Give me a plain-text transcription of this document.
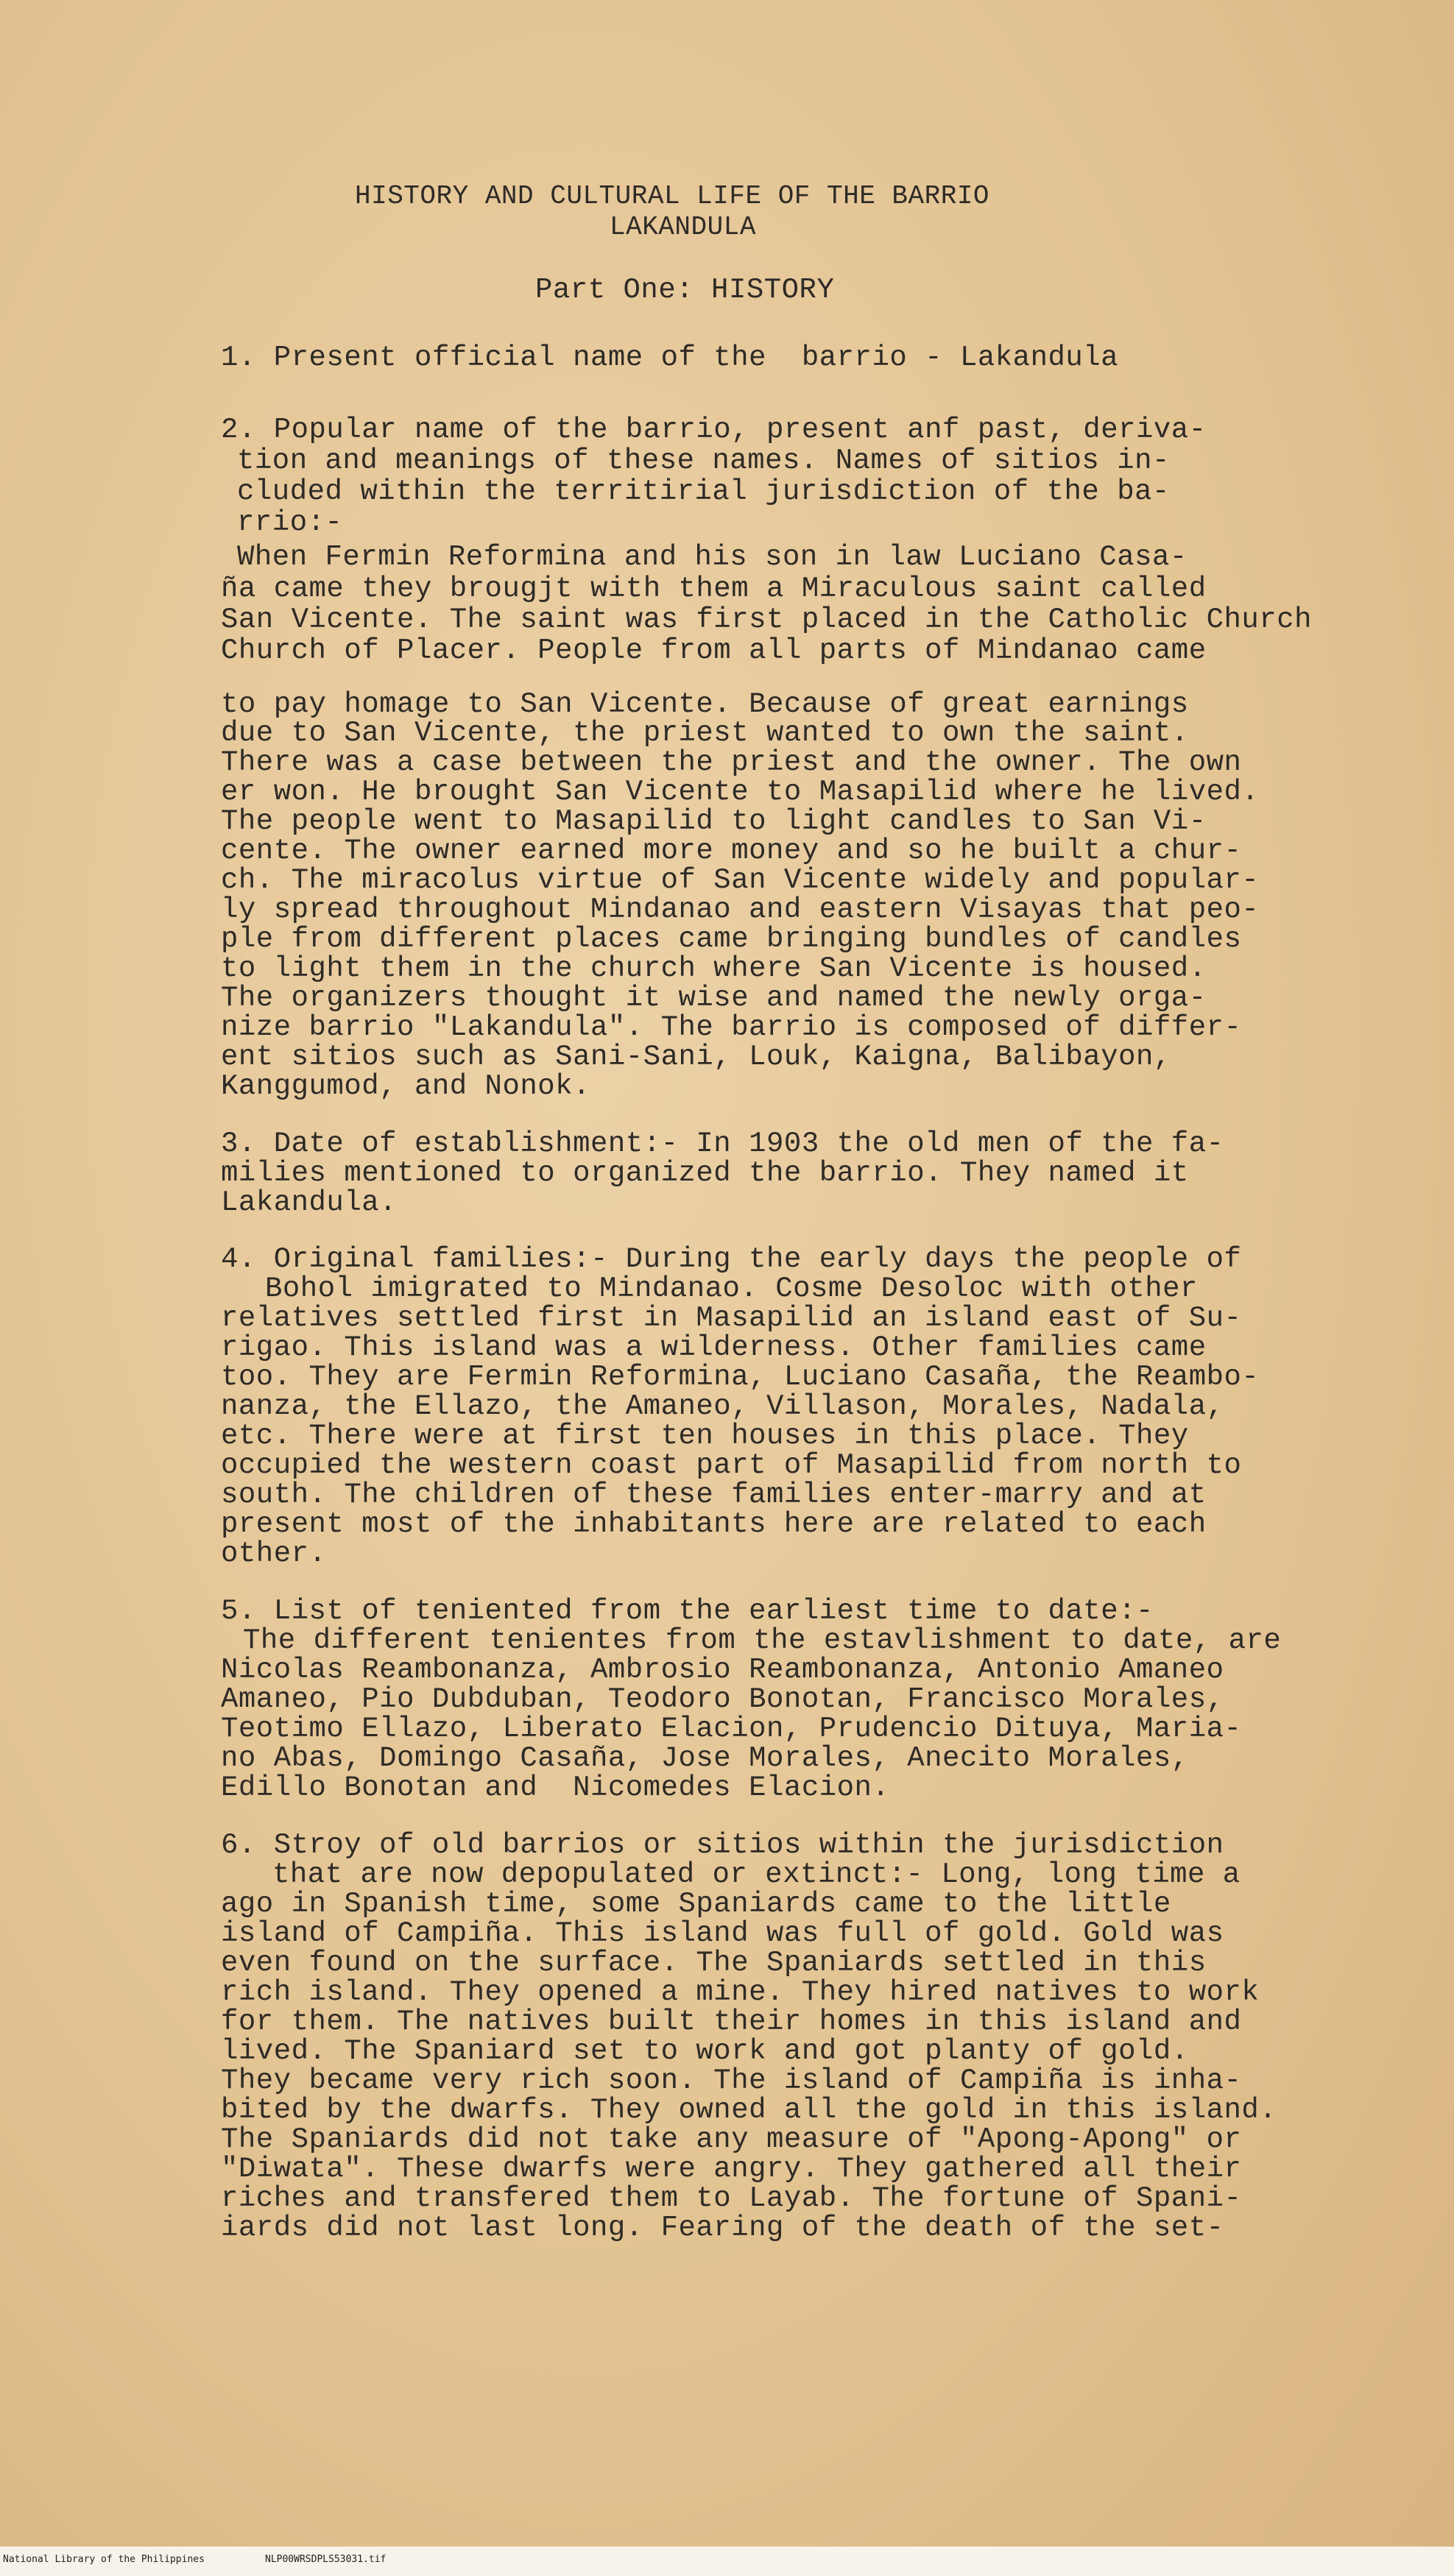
HISTORY AND CULTURAL LIFE OF THE BARRIO
LAKANDULA
Part One: HISTORY
1. Present official name of the  barrio - Lakandula
2. Popular name of the barrio, present anf past, deriva-
tion and meanings of these names. Names of sitios in-
cluded within the territirial jurisdiction of the ba-
rrio:-
When Fermin Reformina and his son in law Luciano Casa-
ña came they brougjt with them a Miraculous saint called
San Vicente. The saint was first placed in the Catholic Church
Church of Placer. People from all parts of Mindanao came
to pay homage to San Vicente. Because of great earnings
due to San Vicente, the priest wanted to own the saint.
There was a case between the priest and the owner. The own
er won. He brought San Vicente to Masapilid where he lived.
The people went to Masapilid to light candles to San Vi-
cente. The owner earned more money and so he built a chur-
ch. The miracolus virtue of San Vicente widely and popular-
ly spread throughout Mindanao and eastern Visayas that peo-
ple from different places came bringing bundles of candles
to light them in the church where San Vicente is housed.
The organizers thought it wise and named the newly orga-
nize barrio "Lakandula". The barrio is composed of differ-
ent sitios such as Sani-Sani, Louk, Kaigna, Balibayon,
Kanggumod, and Nonok.
3. Date of establishment:- In 1903 the old men of the fa-
milies mentioned to organized the barrio. They named it
Lakandula.
4. Original families:- During the early days the people of
Bohol imigrated to Mindanao. Cosme Desoloc with other
relatives settled first in Masapilid an island east of Su-
rigao. This island was a wilderness. Other families came
too. They are Fermin Reformina, Luciano Casaña, the Reambo-
nanza, the Ellazo, the Amaneo, Villason, Morales, Nadala,
etc. There were at first ten houses in this place. They
occupied the western coast part of Masapilid from north to
south. The children of these families enter-marry and at
present most of the inhabitants here are related to each
other.
5. List of teniented from the earliest time to date:-
The different tenientes from the estavlishment to date, are
Nicolas Reambonanza, Ambrosio Reambonanza, Antonio Amaneo
Amaneo, Pio Dubduban, Teodoro Bonotan, Francisco Morales,
Teotimo Ellazo, Liberato Elacion, Prudencio Dituya, Maria-
no Abas, Domingo Casaña, Jose Morales, Anecito Morales,
Edillo Bonotan and  Nicomedes Elacion.
6. Stroy of old barrios or sitios within the jurisdiction
that are now depopulated or extinct:- Long, long time a
ago in Spanish time, some Spaniards came to the little
island of Campiña. This island was full of gold. Gold was
even found on the surface. The Spaniards settled in this
rich island. They opened a mine. They hired natives to work
for them. The natives built their homes in this island and
lived. The Spaniard set to work and got planty of gold.
They became very rich soon. The island of Campiña is inha-
bited by the dwarfs. They owned all the gold in this island.
The Spaniards did not take any measure of "Apong-Apong" or
"Diwata". These dwarfs were angry. They gathered all their
riches and transfered them to Layab. The fortune of Spani-
iards did not last long. Fearing of the death of the set-
National Library of the Philippines	NLP00WRSDPLS53031.tif
